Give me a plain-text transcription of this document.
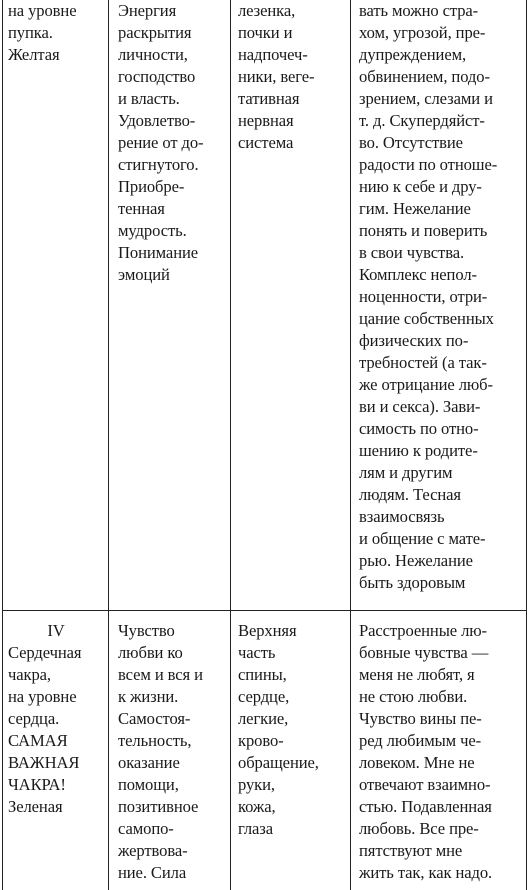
на уровне
пупка.
Желтая
Энергия
раскрытия
личности,
господство
и власть.
Удовлетво-
рение от до-
стигнутого.
Приобре-
тенная
мудрость.
Понимание
эмоций
лезенка,
почки и
надпочеч-
ники, веге-
тативная
нервная
система
вать можно стра-
хом, угрозой, пре-
дупреждением,
обвинением, подо-
зрением, слезами и
т. д. Скупердяйст-
во. Отсутствие
радости по отноше-
нию к себе и дру-
гим. Нежелание
понять и поверить
в свои чувства.
Комплекс непол-
ноценности, отри-
цание собственных
физических по-
требностей (а так-
же отрицание люб-
ви и секса). Зави-
симость по отно-
шению к родите-
лям и другим
людям. Тесная
взаимосвязь
и общение с мате-
рью. Нежелание
быть здоровым
IV
Сердечная
чакра,
на уровне
сердца.
САМАЯ
ВАЖНАЯ
ЧАКРА!
Зеленая
Чувство
любви ко
всем и вся и
к жизни.
Самостоя-
тельность,
оказание
помощи,
позитивное
самопо-
жертвова-
ние. Сила
Верхняя
часть
спины,
сердце,
легкие,
крово-
обращение,
руки,
кожа,
глаза
Расстроенные лю-
бовные чувства —
меня не любят, я
не стою любви.
Чувство вины пе-
ред любимым че-
ловеком. Мне не
отвечают взаимно-
стью. Подавленная
любовь. Все пре-
пятствуют мне
жить так, как надо.
